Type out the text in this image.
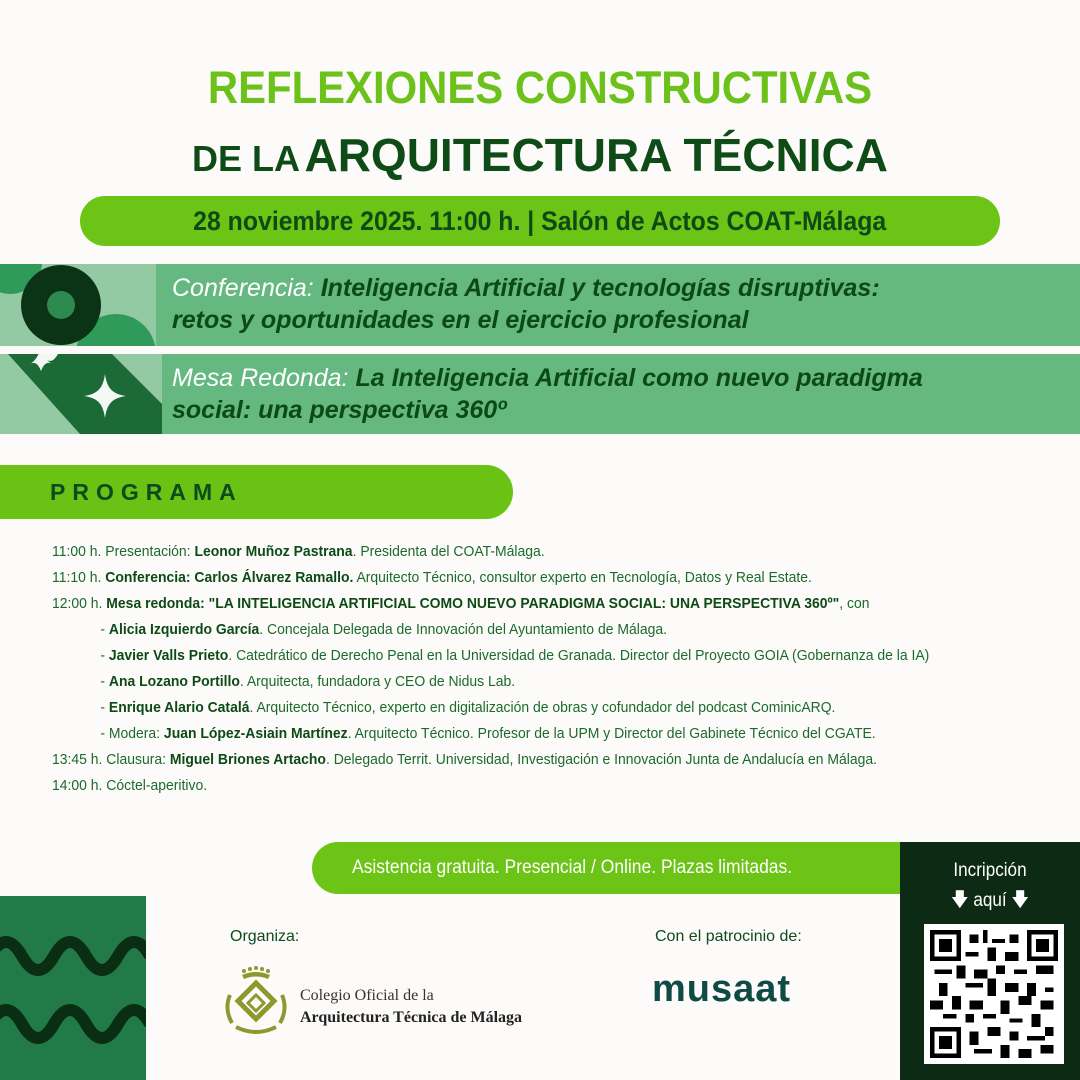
REFLEXIONES CONSTRUCTIVAS
DE LA ARQUITECTURA TÉCNICA
28 noviembre 2025. 11:00 h. | Salón de Actos COAT-Málaga
Conferencia: Inteligencia Artificial y tecnologías disruptivas:
retos y oportunidades en el ejercicio profesional
Mesa Redonda: La Inteligencia Artificial como nuevo paradigma
social: una perspectiva 360º
PROGRAMA
11:00 h. Presentación: Leonor Muñoz Pastrana. Presidenta del COAT-Málaga.
11:10 h. Conferencia: Carlos Álvarez Ramallo. Arquitecto Técnico, consultor experto en Tecnología, Datos y Real Estate.
12:00 h. Mesa redonda: "LA INTELIGENCIA ARTIFICIAL COMO NUEVO PARADIGMA SOCIAL: UNA PERSPECTIVA 360º", con
- Alicia Izquierdo García. Concejala Delegada de Innovación del Ayuntamiento de Málaga.
- Javier Valls Prieto. Catedrático de Derecho Penal en la Universidad de Granada. Director del Proyecto GOIA (Gobernanza de la IA)
- Ana Lozano Portillo. Arquitecta, fundadora y CEO de Nidus Lab.
- Enrique Alario Catalá. Arquitecto Técnico, experto en digitalización de obras y cofundador del podcast CominicARQ.
- Modera: Juan López-Asiain Martínez. Arquitecto Técnico. Profesor de la UPM y Director del Gabinete Técnico del CGATE.
13:45 h. Clausura: Miguel Briones Artacho. Delegado Territ. Universidad, Investigación e Innovación Junta de Andalucía en Málaga.
14:00 h. Cóctel-aperitivo.
Asistencia gratuita. Presencial / Online. Plazas limitadas.	Incripción
🡇 aquí 🡇
Organiza:
Colegio Oficial de la
Arquitectura Técnica de Málaga
Con el patrocinio de:
musaat
